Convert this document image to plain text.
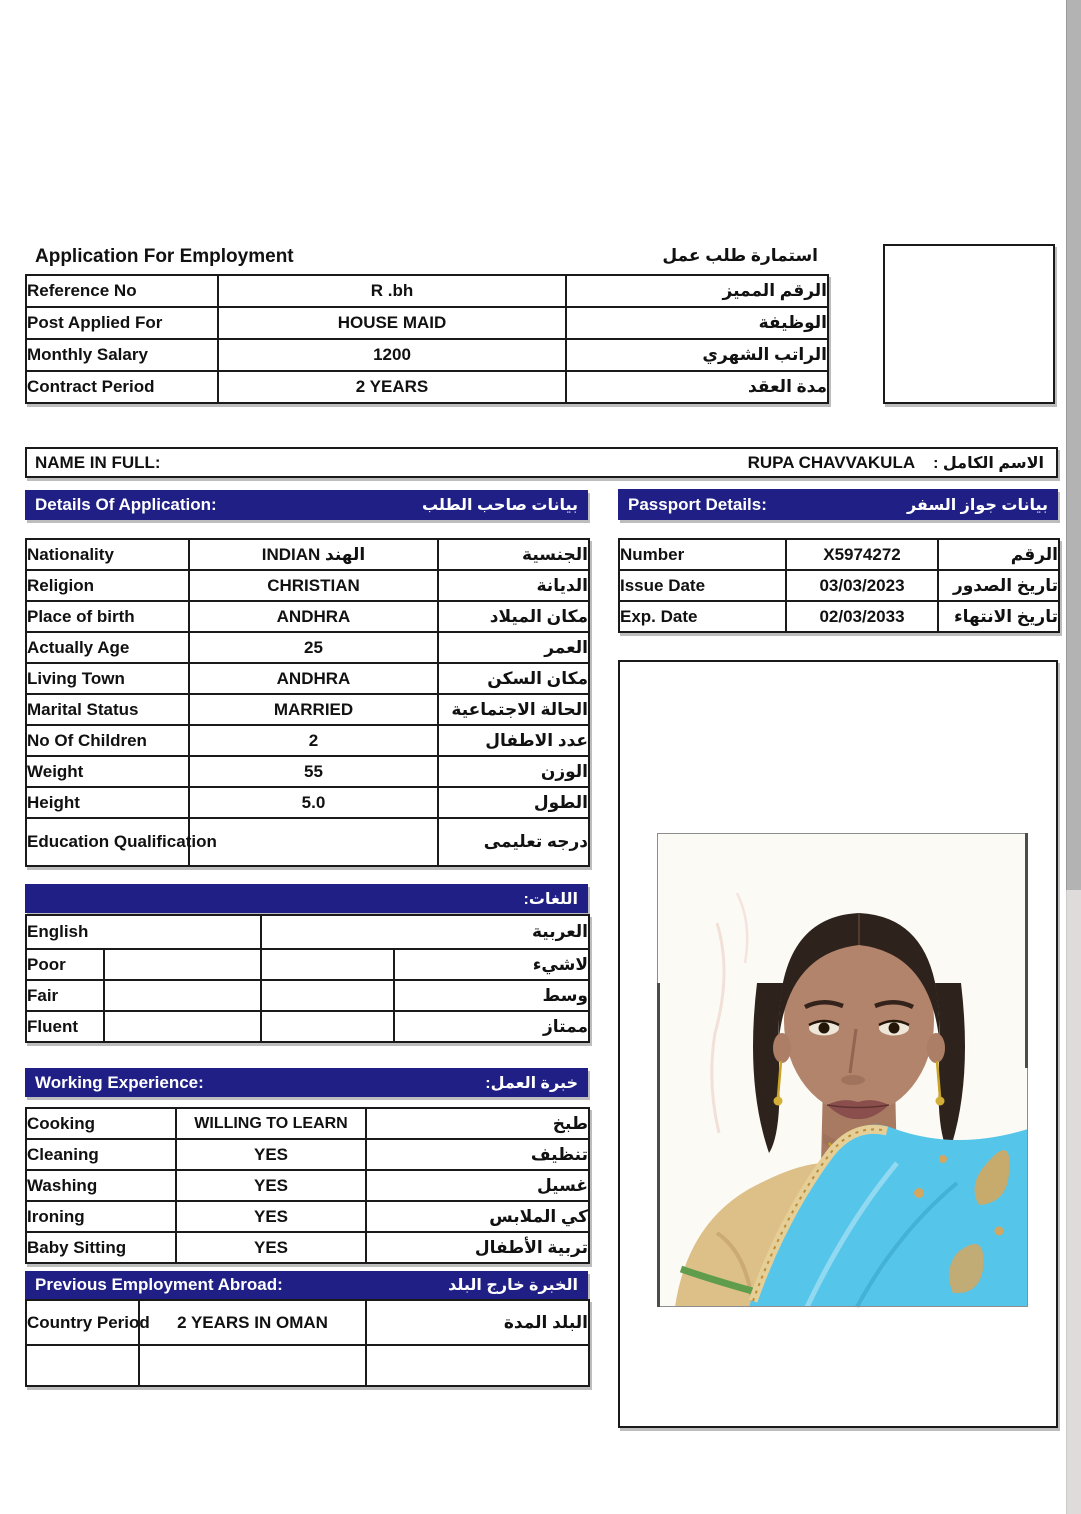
Application For Employment	استمارة طلب عمل
Reference No	R .bh	الرقم المميز
Post Applied For	HOUSE MAID	الوظيفة
Monthly Salary	1200	الراتب الشهري
Contract Period	2 YEARS	مدة العقد
NAME IN FULL:	RUPA CHAVVAKULA الاسم الكامل :
Details Of Application:	بيانات صاحب الطلب	Passport Details:	بيانات جواز السفر
Nationality	INDIAN الهند	الجنسية
Religion	CHRISTIAN	الديانة
Place of birth	ANDHRA	مكان الميلاد
Actually Age	25	العمر
Living Town	ANDHRA	مكان السكن
Marital Status	MARRIED	الحالة الاجتماعية
No Of Children	2	عدد الاطفال
Weight	55	الوزن
Height	5.0	الطول
Education Qualification		درجه تعليمى
Number	X5974272	الرقم
Issue Date	03/03/2023	تاريخ الصدور
Exp. Date	02/03/2033	تاريخ الانتهاء
اللغات:
English	العربية
Poor			لاشيء
Fair			وسط
Fluent			ممتاز
Working Experience:	خبرة العمل:
Cooking	WILLING TO LEARN	طبخ
Cleaning	YES	تنظيف
Washing	YES	غسيل
Ironing	YES	كي الملابس
Baby Sitting	YES	تربية الأطفال
Previous Employment Abroad:	الخبرة خارج البلد
Country Period	2 YEARS IN OMAN	البلد المدة
